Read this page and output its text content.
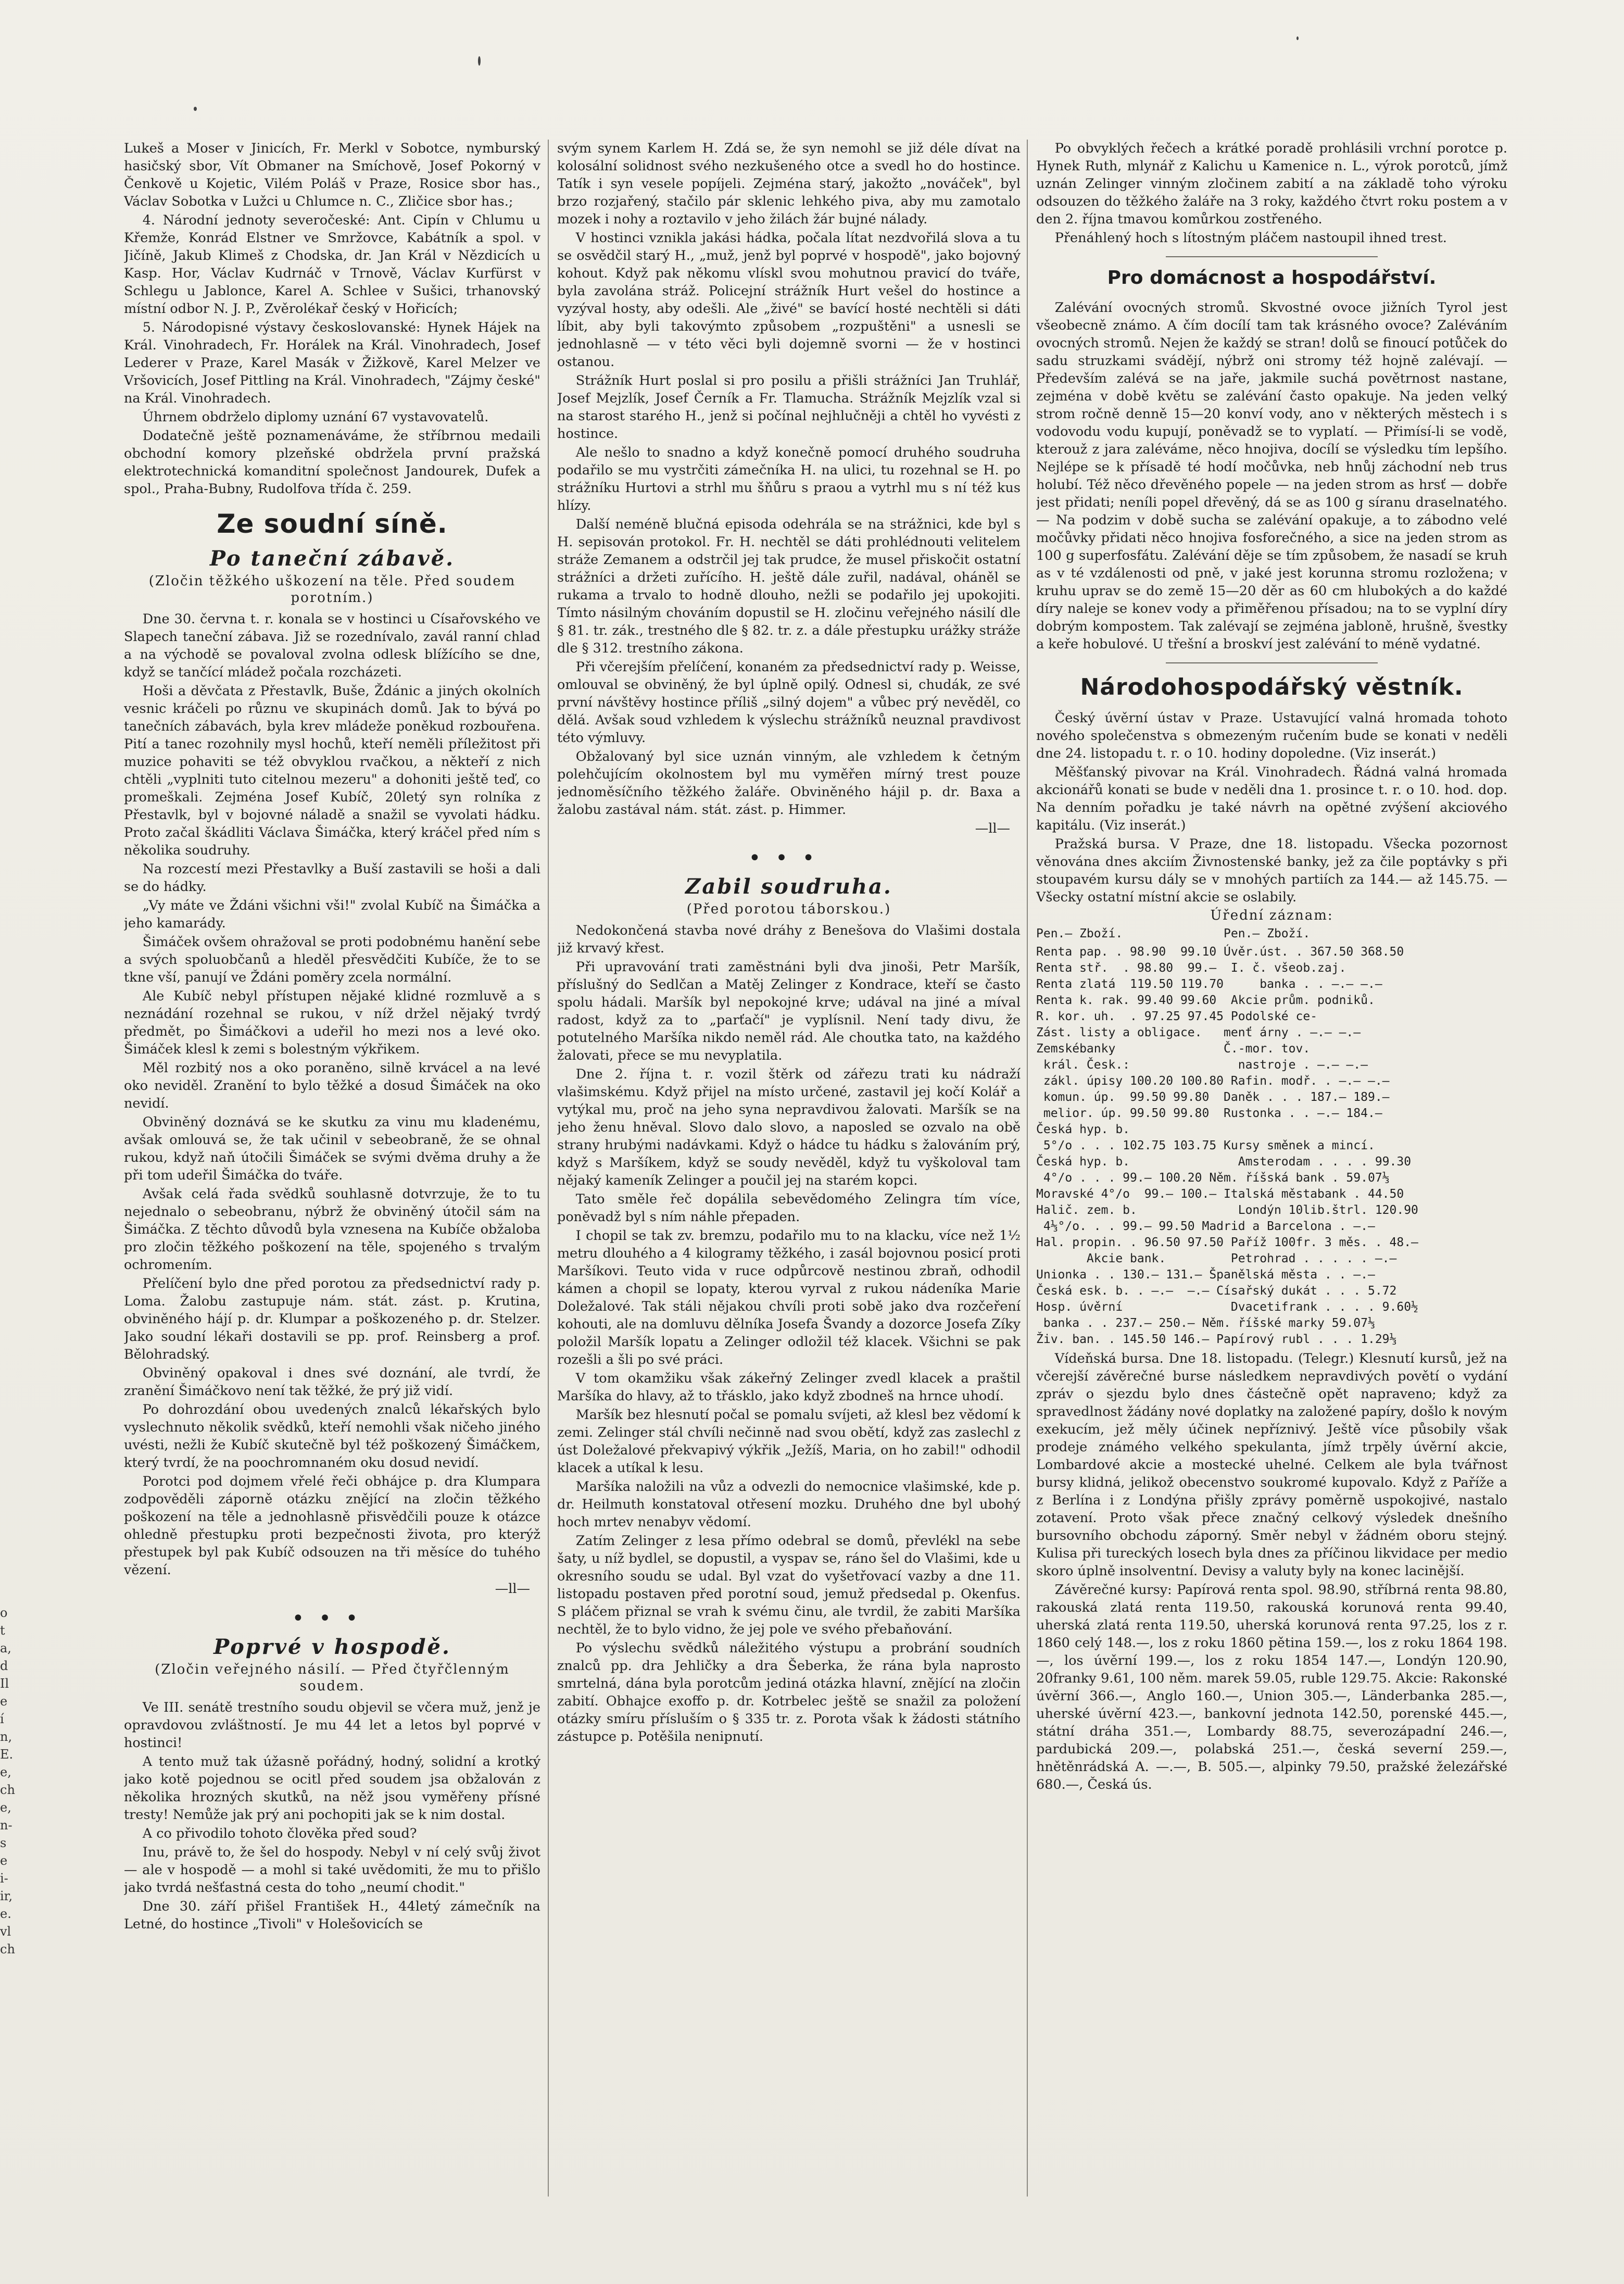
o
t
a,
d
Il
e
í
n,
E.
e,
ch
e,
n-
s
e
i-
ir,
e.
vl
ch

Lukeš a Moser v Jinicích, Fr. Merkl v Sobotce, nymburský hasičský sbor, Vít Obmaner na Smíchově, Josef Pokorný v Čenkově u Kojetic, Vilém Poláš v Praze, Rosice sbor has., Václav Sobotka v Lužci u Chlumce n. C., Zličice sbor has.;

4. Národní jednoty severočeské: Ant. Cipín v Chlumu u Křemže, Konrád Elstner ve Smržovce, Kabátník a spol. v Jičíně, Jakub Klimeš z Chodska, dr. Jan Král v Nězdicích u Kasp. Hor, Václav Kudrnáč v Trnově, Václav Kurfürst v Schlegu u Jablonce, Karel A. Schlee v Sušici, trhanovský místní odbor N. J. P., Zvěrolékař český v Hořicích;

5. Národopisné výstavy českoslovanské: Hynek Hájek na Král. Vinohradech, Fr. Horálek na Král. Vinohradech, Josef Lederer v Praze, Karel Masák v Žižkově, Karel Melzer ve Vršovicích, Josef Pittling na Král. Vinohradech, "Zájmy české" na Král. Vinohradech.

Úhrnem obdrželo diplomy uznání 67 vystavovatelů.

Dodatečně ještě poznamenáváme, že stříbrnou medaili obchodní komory plzeňské obdržela první pražská elektrotechnická komanditní společnost Jandourek, Dufek a spol., Praha-Bubny, Rudolfova třída č. 259.

Ze soudní síně.
Po taneční zábavě.
(Zločin těžkého uškození na těle. Před soudem porotním.)

Dne 30. června t. r. konala se v hostinci u Císařovského ve Slapech taneční zábava. Již se rozednívalo, zavál ranní chlad a na východě se povaloval zvolna odlesk blížícího se dne, když se tančící mládež počala rozcházeti.

Hoši a děvčata z Přestavlk, Buše, Ždánic a jiných okolních vesnic kráčeli po různu ve skupinách domů. Jak to bývá po tanečních zábavách, byla krev mládeže poněkud rozbouřena. Pití a tanec rozohnily mysl hochů, kteří neměli příležitost při muzice pohaviti se též obvyklou rvačkou, a někteří z nich chtěli „vyplniti tuto citelnou mezeru" a dohoniti ještě teď, co promeškali. Zejména Josef Kubíč, 20letý syn rolníka z Přestavlk, byl v bojovné náladě a snažil se vyvolati hádku. Proto začal škádliti Václava Šimáčka, který kráčel před ním s několika soudruhy.

Na rozcestí mezi Přestavlky a Buší zastavili se hoši a dali se do hádky.

„Vy máte ve Ždáni všichni vši!" zvolal Kubíč na Šimáčka a jeho kamarády.

Šimáček ovšem ohražoval se proti podobnému hanění sebe a svých spoluobčanů a hleděl přesvědčiti Kubíče, že to se tkne vší, panují ve Ždáni poměry zcela normální.

Ale Kubíč nebyl přístupen nějaké klidné rozmluvě a s neznádání rozehnal se rukou, v níž držel nějaký tvrdý předmět, po Šimáčkovi a udeřil ho mezi nos a levé oko. Šimáček klesl k zemi s bolestným výkřikem.

Měl rozbitý nos a oko poraněno, silně krvácel a na levé oko neviděl. Zranění to bylo těžké a dosud Šimáček na oko nevidí.

Obviněný doznává se ke skutku za vinu mu kladenému, avšak omlouvá se, že tak učinil v sebeobraně, že se ohnal rukou, když naň útočili Šimáček se svými dvěma druhy a že při tom udeřil Šimáčka do tváře.

Avšak celá řada svědků souhlasně dotvrzuje, že to tu nejednalo o sebeobranu, nýbrž že obviněný útočil sám na Šimáčka. Z těchto důvodů byla vznesena na Kubíče obžaloba pro zločin těžkého poškození na těle, spojeného s trvalým ochromením.

Přelíčení bylo dne před porotou za předsednictví rady p. Loma. Žalobu zastupuje nám. stát. zást. p. Krutina, obviněného hájí p. dr. Klumpar a poškozeného p. dr. Stelzer. Jako soudní lékaři dostavili se pp. prof. Reinsberg a prof. Bělohradský.

Obviněný opakoval i dnes své doznání, ale tvrdí, že zranění Šimáčkovo není tak těžké, že prý již vidí.

Po dohrozdání obou uvedených znalců lékařských bylo vyslechnuto několik svědků, kteří nemohli však ničeho jiného uvésti, nežli že Kubíč skutečně byl též poškozený Šimáčkem, který tvrdí, že na poochromnaném oku dosud nevidí.

Porotci pod dojmem vřelé řeči obhájce p. dra Klumpara zodpověděli záporně otázku znějící na zločin těžkého poškození na těle a jednohlasně přisvědčili pouze k otázce ohledně přestupku proti bezpečnosti života, pro kterýž přestupek byl pak Kubíč odsouzen na tři měsíce do tuhého vězení.

—ll—
•••
Poprvé v hospodě.
(Zločin veřejného násilí. — Před čtyřčlenným soudem.

Ve III. senátě trestního soudu objevil se včera muž, jenž je opravdovou zvláštností. Je mu 44 let a letos byl poprvé v hostinci!

A tento muž tak úžasně pořádný, hodný, solidní a krotký jako kotě pojednou se ocitl před soudem jsa obžalován z několika hrozných skutků, na něž jsou vyměřeny přísné tresty! Nemůže jak prý ani pochopiti jak se k nim dostal.

A co přivodilo tohoto člověka před soud?

Inu, právě to, že šel do hospody. Nebyl v ní celý svůj život — ale v hospodě — a mohl si také uvědomiti, že mu to přišlo jako tvrdá nešťastná cesta do toho „neumí chodit."

Dne 30. září přišel František H., 44letý zámečník na Letné, do hostince „Tivoli" v Holešovicích se

svým synem Karlem H. Zdá se, že syn nemohl se již déle dívat na kolosální solidnost svého nezkušeného otce a svedl ho do hostince. Tatík i syn vesele popíjeli. Zejména starý, jakožto „nováček", byl brzo rozjařený, stačilo pár sklenic lehkého piva, aby mu zamotalo mozek i nohy a roztavilo v jeho žilách žár bujné nálady.

V hostinci vznikla jakási hádka, počala lítat nezdvořilá slova a tu se osvědčil starý H., „muž, jenž byl poprvé v hospodě", jako bojovný kohout. Když pak někomu vlískl svou mohutnou pravicí do tváře, byla zavolána stráž. Policejní strážník Hurt vešel do hostince a vyzýval hosty, aby odešli. Ale „živé" se bavící hosté nechtěli si dáti líbit, aby byli takovýmto způsobem „rozpuštěni" a usnesli se jednohlasně — v této věci byli dojemně svorni — že v hostinci ostanou.

Strážník Hurt poslal si pro posilu a přišli strážníci Jan Truhlář, Josef Mejzlík, Josef Černík a Fr. Tlamucha. Strážník Mejzlík vzal si na starost starého H., jenž si počínal nejhlučněji a chtěl ho vyvésti z hostince.

Ale nešlo to snadno a když konečně pomocí druhého soudruha podařilo se mu vystrčiti zámečníka H. na ulici, tu rozehnal se H. po strážníku Hurtovi a strhl mu šňůru s praou a vytrhl mu s ní též kus hlízy.

Další neméně blučná episoda odehrála se na strážnici, kde byl s H. sepisován protokol. Fr. H. nechtěl se dáti prohlédnouti velitelem stráže Zemanem a odstrčil jej tak prudce, že musel přiskočit ostatní strážníci a držeti zuřícího. H. ještě dále zuřil, nadával, oháněl se rukama a trvalo to hodně dlouho, nežli se podařilo jej upokojiti. Tímto násilným chováním dopustil se H. zločinu veřejného násilí dle § 81. tr. zák., trestného dle § 82. tr. z. a dále přestupku urážky stráže dle § 312. trestního zákona.

Při včerejším přelíčení, konaném za předsednictví rady p. Weisse, omlouval se obviněný, že byl úplně opilý. Odnesl si, chudák, ze své první návštěvy hostince příliš „silný dojem" a vůbec prý nevěděl, co dělá. Avšak soud vzhledem k výslechu strážníků neuznal pravdivost této výmluvy.

Obžalovaný byl sice uznán vinným, ale vzhledem k četným polehčujícím okolnostem byl mu vyměřen mírný trest pouze jednoměsíčního těžkého žaláře. Obviněného hájil p. dr. Baxa a žalobu zastával nám. stát. zást. p. Himmer.

—ll—
•••
Zabil soudruha.
(Před porotou táborskou.)

Nedokončená stavba nové dráhy z Benešova do Vlašimi dostala již krvavý křest.

Při upravování trati zaměstnáni byli dva jinoši, Petr Maršík, příslušný do Sedlčan a Matěj Zelinger z Kondrace, kteří se často spolu hádali. Maršík byl nepokojné krve; udával na jiné a míval radost, když za to „parťačí" je vyplísnil. Není tady divu, že potutelného Maršíka nikdo neměl rád. Ale choutka tato, na každého žalovati, přece se mu nevyplatila.

Dne 2. října t. r. vozil štěrk od zářezu trati ku nádraží vlašimskému. Když přijel na místo určené, zastavil jej kočí Kolář a vytýkal mu, proč na jeho syna nepravdivou žalovati. Maršík se na jeho ženu hněval. Slovo dalo slovo, a naposled se ozvalo na obě strany hrubými nadávkami. Když o hádce tu hádku s žalováním prý, když s Maršíkem, když se soudy nevěděl, když tu vyškoloval tam nějaký kameník Zelinger a poučil jej na starém kopci.

Tato směle řeč dopálila sebevědomého Zelingra tím více, poněvadž byl s ním náhle přepaden.

I chopil se tak zv. bremzu, podařilo mu to na klacku, více než 1½ metru dlouhého a 4 kilogramy těžkého, i zasál bojovnou posicí proti Maršíkovi. Teuto vida v ruce odpůrcově nestinou zbraň, odhodil kámen a chopil se lopaty, kterou vyrval z rukou nádeníka Marie Doležalové. Tak stáli nějakou chvíli proti sobě jako dva rozčeření kohouti, ale na domluvu dělníka Josefa Švandy a dozorce Josefa Zíky položil Maršík lopatu a Zelinger odložil též klacek. Všichni se pak rozešli a šli po své práci.

V tom okamžiku však zákeřný Zelinger zvedl klacek a praštil Maršíka do hlavy, až to třásklo, jako když zbodneš na hrnce uhodí.

Maršík bez hlesnutí počal se pomalu svíjeti, až klesl bez vědomí k zemi. Zelinger stál chvíli nečinně nad svou obětí, když zas zaslechl z úst Doležalové překvapivý výkřik „Ježíš, Maria, on ho zabil!" odhodil klacek a utíkal k lesu.

Maršíka naložili na vůz a odvezli do nemocnice vlašimské, kde p. dr. Heilmuth konstatoval otřesení mozku. Druhého dne byl ubohý hoch mrtev nenabyv vědomí.

Zatím Zelinger z lesa přímo odebral se domů, převlékl na sebe šaty, u níž bydlel, se dopustil, a vyspav se, ráno šel do Vlašimi, kde u okresního soudu se udal. Byl vzat do vyšetřovací vazby a dne 11. listopadu postaven před porotní soud, jemuž předsedal p. Okenfus. S pláčem přiznal se vrah k svému činu, ale tvrdil, že zabiti Maršíka nechtěl, že to bylo vidno, že jej pole ve svého přebaňování.

Po výslechu svědků náležitého výstupu a probrání soudních znalců pp. dra Jehličky a dra Šeberka, že rána byla naprosto smrtelná, dána byla porotcům jediná otázka hlavní, znějící na zločin zabití. Obhajce exoffo p. dr. Kotrbelec ještě se snažil za položení otázky smíru přísluším o § 335 tr. z. Porota však k žádosti státního zástupce p. Potěšila nenipnutí.

Po obvyklých řečech a krátké poradě prohlásili vrchní porotce p. Hynek Ruth, mlynář z Kalichu u Kamenice n. L., výrok porotců, jímž uznán Zelinger vinným zločinem zabití a na základě toho výroku odsouzen do těžkého žaláře na 3 roky, každého čtvrt roku postem a v den 2. října tmavou komůrkou zostřeného.

Přenáhlený hoch s lítostným pláčem nastoupil ihned trest.

Pro domácnost a hospodářství.

Zalévání ovocných stromů. Skvostné ovoce jižních Tyrol jest všeobecně známo. A čím docílí tam tak krásného ovoce? Zaléváním ovocných stromů. Nejen že každý se stran! dolů se finoucí potůček do sadu struzkami svádějí, nýbrž oni stromy též hojně zalévají. — Především zalévá se na jaře, jakmile suchá povětrnost nastane, zejména v době květu se zalévání často opakuje. Na jeden velký strom ročně denně 15—20 konví vody, ano v některých městech i s vodovodu vodu kupují, poněvadž se to vyplatí. — Přimísí-li se vodě, kterouž z jara zaléváme, něco hnojiva, docílí se výsledku tím lepšího. Nejlépe se k přísadě té hodí močůvka, neb hnůj záchodní neb trus holubí. Též něco dřevěného popele — na jeden strom as hrsť — dobře jest přidati; neníli popel dřevěný, dá se as 100 g síranu draselnatého. — Na podzim v době sucha se zalévání opakuje, a to zábodno velé močůvky přidati něco hnojiva fosforečného, a sice na jeden strom as 100 g superfosfátu. Zalévání děje se tím způsobem, že nasadí se kruh as v té vzdálenosti od pně, v jaké jest korunna stromu rozložena; v kruhu uprav se do země 15—20 děr as 60 cm hlubokých a do každé díry naleje se konev vody a přiměřenou přísadou; na to se vyplní díry dobrým kompostem. Tak zalévají se zejména jabloně, hrušně, švestky a keře hobulové. U třešní a broskví jest zalévání to méně vydatné.

Národohospodářský věstník.

Český úvěrní ústav v Praze. Ustavující valná hromada tohoto nového společenstva s obmezeným ručením bude se konati v neděli dne 24. listopadu t. r. o 10. hodiny dopoledne. (Viz inserát.)

Měšťanský pivovar na Král. Vinohradech. Řádná valná hromada akcionářů konati se bude v neděli dna 1. prosince t. r. o 10. hod. dop. Na denním pořadku je také návrh na opětné zvýšení akciového kapitálu. (Viz inserát.)

Pražská bursa. V Praze, dne 18. listopadu. Všecka pozornost věnována dnes akciím Živnostenské banky, jež za čile poptávky s při stoupavém kursu dály se v mnohých partiích za 144.— až 145.75. — Všecky ostatní místní akcie se oslabily.

Úřední záznam:
Pen.— Zboží.              Pen.— Zboží.
Renta pap. . 98.90  99.10 Úvěr.úst. . 367.50 368.50
Renta stř.  . 98.80  99.—  I. č. všeob.zaj.
Renta zlatá  119.50 119.70     banka . . —.— —.—
Renta k. rak. 99.40 99.60  Akcie prům. podniků.
R. kor. uh.  . 97.25 97.45 Podolské ce-
Zást. listy a obligace.   menť árny . —.— —.—
Zemskébanky               Č.-mor. tov.
král. Česk.:               nastroje . —.— —.—
zákl. úpisy 100.20 100.80 Rafin. modř. . —.— —.—
komun. úp.  99.50 99.80  Daněk . . . 187.— 189.—
melior. úp. 99.50 99.80  Rustonka . . —.— 184.—
Česká hyp. b.
5°/o . . . 102.75 103.75 Kursy směnek a mincí.
Česká hyp. b.               Amsterodam . . . . 99.30
4°/o . . . 99.— 100.20 Něm. říšská bank . 59.07⅓
Moravské 4°/o  99.— 100.— Italská městabank . 44.50
Halič. zem. b.              Londýn 10lib.štrl. 120.90
4⅓°/o. . . 99.— 99.50 Madrid a Barcelona . —.—
Hal. propin. . 96.50 97.50 Paříž 100fr. 3 měs. . 48.—
Akcie bank.         Petrohrad . . . . . —.—
Unionka . . 130.— 131.— Španělská města . . —.—
Česká esk. b. . —.—  —.— Císařský dukát . . . 5.72
Hosp. úvěrní               Dvacetifrank . . . . 9.60½
banka . . 237.— 250.— Něm. říšské marky 59.07⅓
Živ. ban. . 145.50 146.— Papírový rubl . . . 1.29⅓

Vídeňská bursa. Dne 18. listopadu. (Telegr.) Klesnutí kursů, jež na včerejší závěrečné burse následkem nepravdivých povětí o vydání zpráv o sjezdu bylo dnes částečně opět napraveno; když za spravedlnost žádány nové doplatky na založené papíry, došlo k novým exekucím, jež měly účinek nepříznivý. Ještě více působily však prodeje známého velkého spekulanta, jímž trpěly úvěrní akcie, Lombardové akcie a mostecké uhelné. Celkem ale byla tvářnost bursy klidná, jelikož obecenstvo soukromé kupovalo. Když z Paříže a z Berlína i z Londýna přišly zprávy poměrně uspokojivé, nastalo zotavení. Proto však přece značný celkový výsledek dnešního bursovního obchodu záporný. Směr nebyl v žádném oboru stejný. Kulisa při tureckých losech byla dnes za příčinou likvidace per medio skoro úplně insolventní. Devisy a valuty byly na konec lacinější.

Závěrečné kursy: Papírová renta spol. 98.90, stříbrná renta 98.80, rakouská zlatá renta 119.50, rakouská korunová renta 99.40, uherská zlatá renta 119.50, uherská korunová renta 97.25, los z r. 1860 celý 148.—, los z roku 1860 pětina 159.—, los z roku 1864 198.—, los úvěrní 199.—, los z roku 1854 147.—, Londýn 120.90, 20franky 9.61, 100 něm. marek 59.05, ruble 129.75. Akcie: Rakonské úvěrní 366.—, Anglo 160.—, Union 305.—, Länderbanka 285.—, uherské úvěrní 423.—, bankovní jednota 142.50, porenské 445.—, státní dráha 351.—, Lombardy 88.75, severozápadní 246.—, pardubická 209.—, polabská 251.—, česká severní 259.—, hnětěnrádská A. —.—, B. 505.—, alpinky 79.50, pražské železářské 680.—, Česká ús.
